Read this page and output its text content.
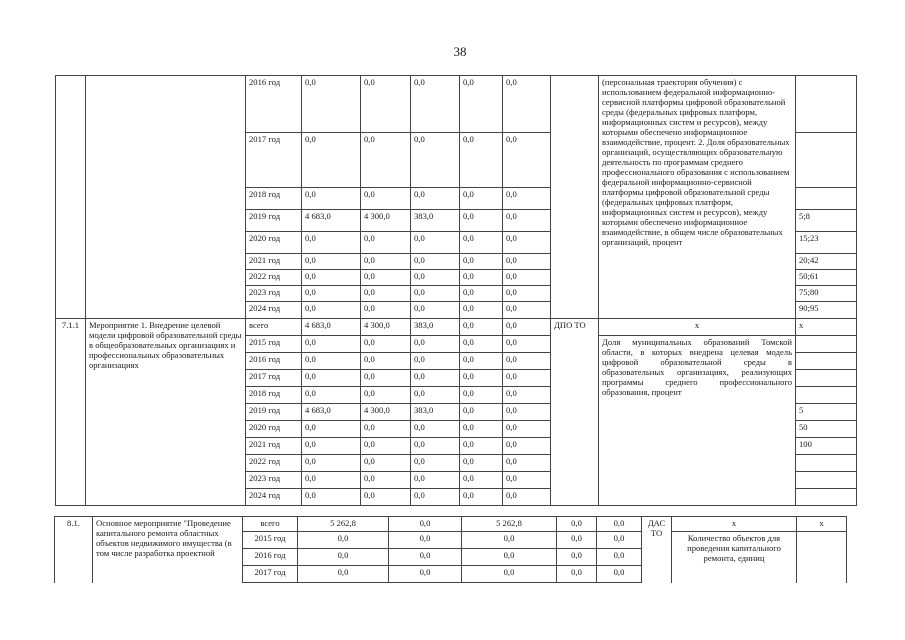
38
		2016 год	0,0	0,0	0,0	0,0	0,0		(персональная траектория обучения) с использованием федеральной информационно-сервисной платформы цифровой образовательной среды (федеральных цифровых платформ, информационных систем и ресурсов), между которыми обеспечено информационное взаимодействие, процент. 2. Доля образовательных организаций, осуществляющих образовательную деятельность по программам среднего профессионального образования с использованием федеральной информационно-сервисной платформы цифровой образовательной среды (федеральных цифровых платформ, информационных систем и ресурсов), между которыми обеспечено информационное взаимодействие, в общем числе образовательных организаций, процент	
		2017 год	0,0	0,0	0,0	0,0	0,0			
		2018 год	0,0	0,0	0,0	0,0	0,0			
		2019 год	4 683,0	4 300,0	383,0	0,0	0,0			5;8
		2020 год	0,0	0,0	0,0	0,0	0,0			15;23
		2021 год	0,0	0,0	0,0	0,0	0,0			20;42
		2022 год	0,0	0,0	0,0	0,0	0,0			50;61
		2023 год	0,0	0,0	0,0	0,0	0,0			75;80
		2024 год	0,0	0,0	0,0	0,0	0,0			90;95
7.1.1	Мероприятие 1. Внедрение целевой модели цифровой образовательной среды в общеобразовательных организациях и профессиональных образовательных организациях	всего	4 683,0	4 300,0	383,0	0,0	0,0	ДПО ТО	х	х
		2015 год	0,0	0,0	0,0	0,0	0,0		Доля муниципальных образований Томской области, в которых внедрена целевая модель цифровой образовательной среды в образовательных организациях, реализующих программы среднего профессионального образования, процент	
		2016 год	0,0	0,0	0,0	0,0	0,0			
		2017 год	0,0	0,0	0,0	0,0	0,0			
		2018 год	0,0	0,0	0,0	0,0	0,0			
		2019 год	4 683,0	4 300,0	383,0	0,0	0,0			5
		2020 год	0,0	0,0	0,0	0,0	0,0			50
		2021 год	0,0	0,0	0,0	0,0	0,0			100
		2022 год	0,0	0,0	0,0	0,0	0,0			
		2023 год	0,0	0,0	0,0	0,0	0,0			
		2024 год	0,0	0,0	0,0	0,0	0,0			
8.1.	Основное мероприятие "Проведение капитального ремонта областных объектов недвижимого имущества (в том числе разработка проектной	всего	5 262,8	0,0	5 262,8	0,0	0,0	ДАС ТО	х	х
		2015 год	0,0	0,0	0,0	0,0	0,0		Количество объектов для проведения капитального ремонта, единиц	
		2016 год	0,0	0,0	0,0	0,0	0,0			
		2017 год	0,0	0,0	0,0	0,0	0,0			
